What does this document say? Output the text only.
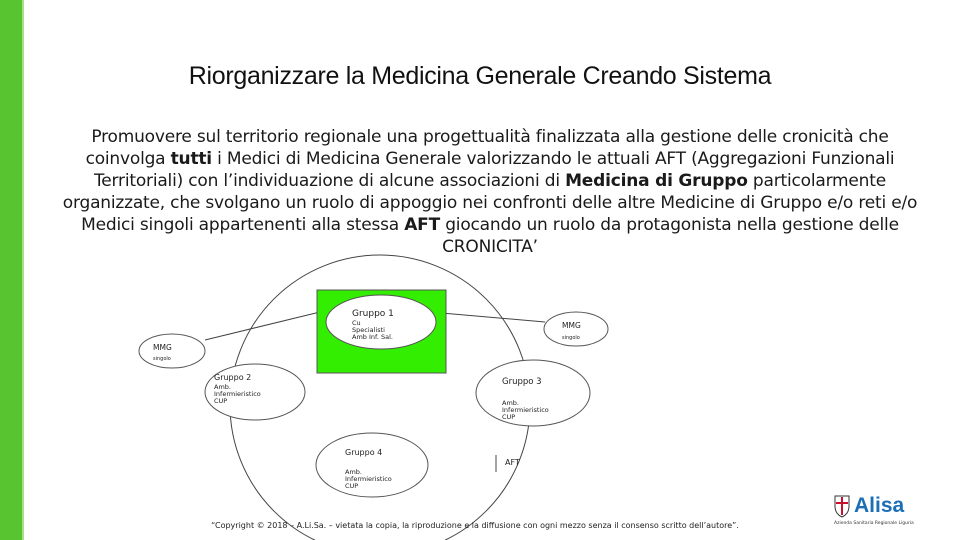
Riorganizzare la Medicina Generale Creando Sistema
Promuovere sul territorio regionale una progettualità finalizzata alla gestione delle cronicità che coinvolga tutti i Medici di Medicina Generale valorizzando le attuali AFT (Aggregazioni Funzionali Territoriali) con l’individuazione di alcune associazioni di Medicina di Gruppo particolarmente organizzate, che svolgano un ruolo di appoggio nei confronti delle altre Medicine di Gruppo e/o reti e/o Medici singoli appartenenti alla stessa AFT giocando un ruolo da protagonista nella gestione delle CRONICITA’
Gruppo 1
Cu
Specialisti
Amb Inf. Sal.
Gruppo 2
Amb.
Infermieristico
CUP
Gruppo 3
Amb.
Infermieristico
CUP
Gruppo 4
Amb.
Infermieristico
CUP
MMG
singolo
MMG
singolo
AFT
“Copyright © 2018 – A.Li.Sa. – vietata la copia, la riproduzione e la diffusione con ogni mezzo senza il consenso scritto dell’autore”.
Alisa
Azienda Sanitaria Regionale Liguria
